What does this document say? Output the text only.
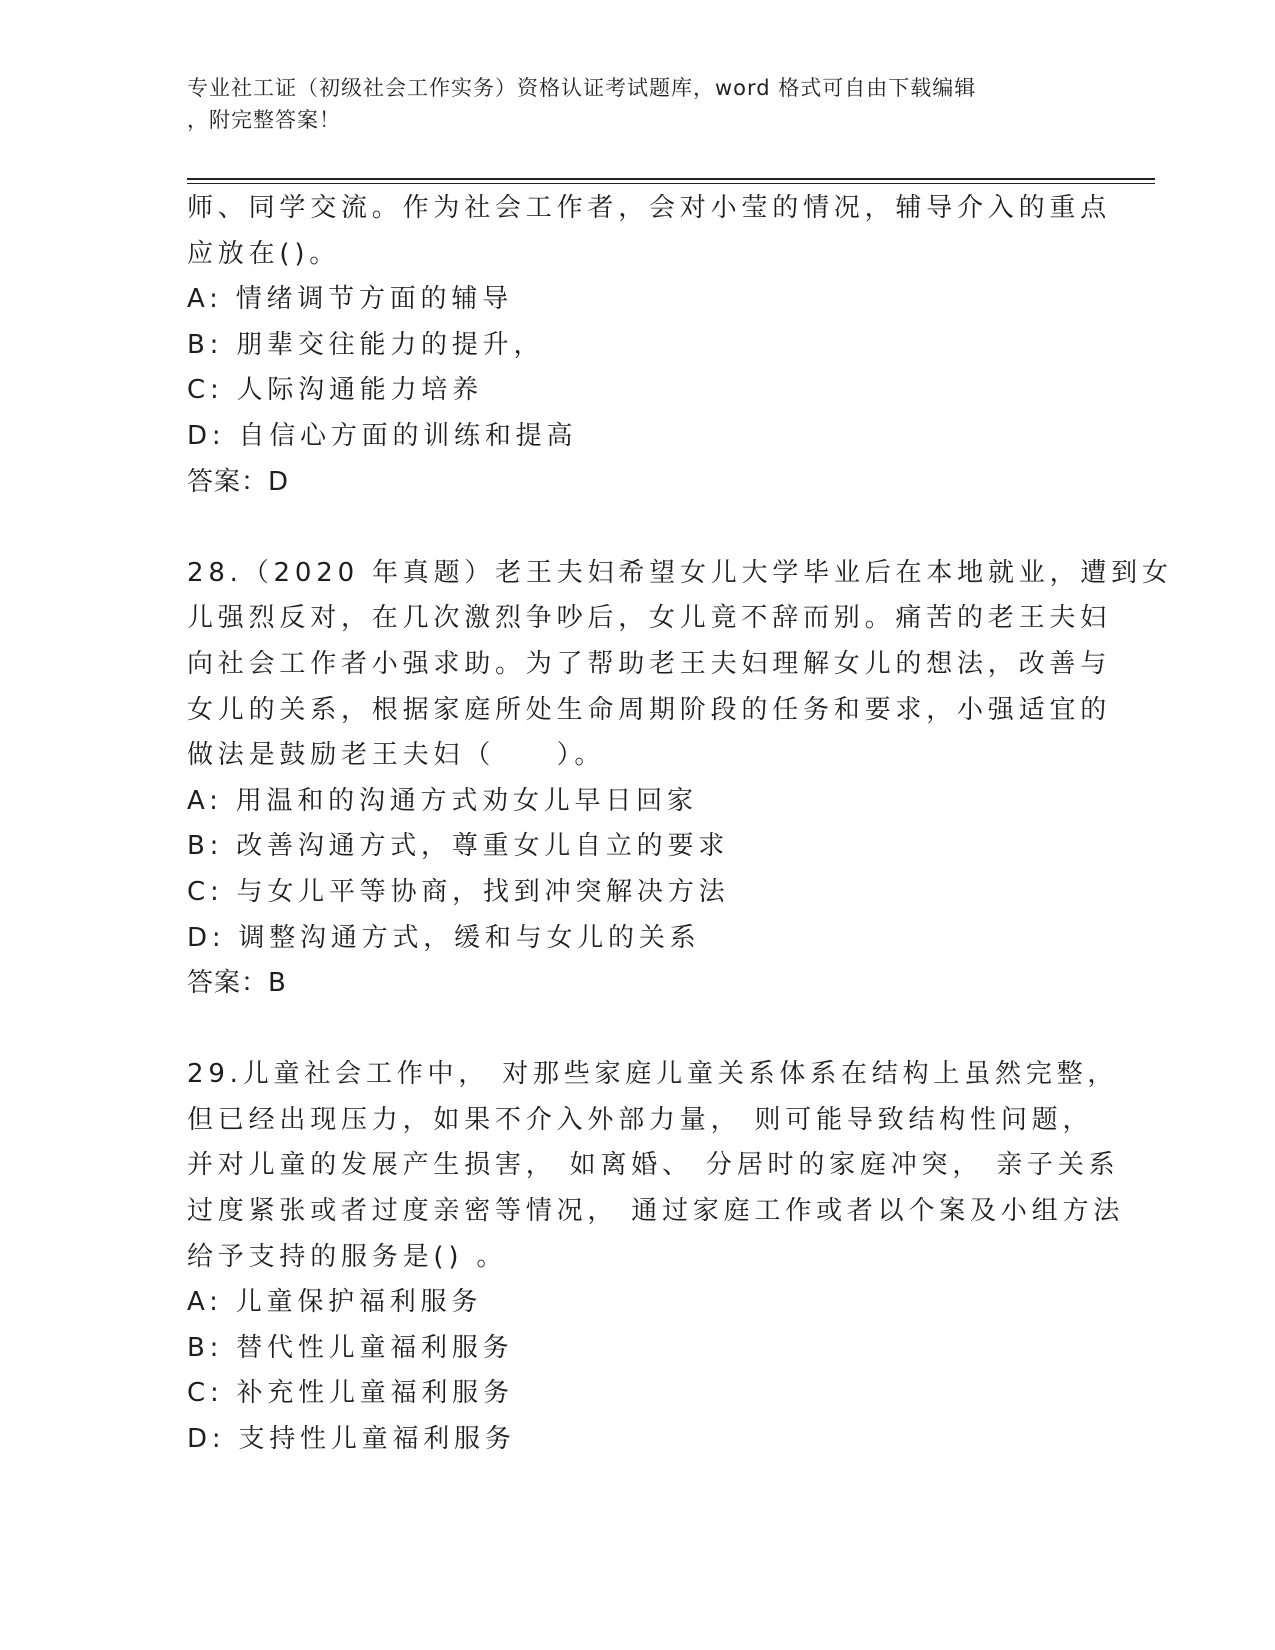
专业社工证（初级社会工作实务）资格认证考试题库，word 格式可自由下载编辑
，附完整答案！
师、同学交流。作为社会工作者，会对小莹的情况，辅导介入的重点
应放在()。
A: 情绪调节方面的辅导
B: 朋辈交往能力的提升，
C: 人际沟通能力培养
D: 自信心方面的训练和提高
答案：D
28.（2020 年真题）老王夫妇希望女儿大学毕业后在本地就业，遭到女
儿强烈反对，在几次激烈争吵后，女儿竟不辞而别。痛苦的老王夫妇
向社会工作者小强求助。为了帮助老王夫妇理解女儿的想法，改善与
女儿的关系，根据家庭所处生命周期阶段的任务和要求，小强适宜的
做法是鼓励老王夫妇（　　）。
A: 用温和的沟通方式劝女儿早日回家
B: 改善沟通方式，尊重女儿自立的要求
C: 与女儿平等协商，找到冲突解决方法
D: 调整沟通方式，缓和与女儿的关系
答案：B
29.儿童社会工作中， 对那些家庭儿童关系体系在结构上虽然完整，
但已经出现压力，如果不介入外部力量， 则可能导致结构性问题，
并对儿童的发展产生损害， 如离婚、 分居时的家庭冲突， 亲子关系
过度紧张或者过度亲密等情况， 通过家庭工作或者以个案及小组方法
给予支持的服务是() 。
A: 儿童保护福利服务
B: 替代性儿童福利服务
C: 补充性儿童福利服务
D: 支持性儿童福利服务
